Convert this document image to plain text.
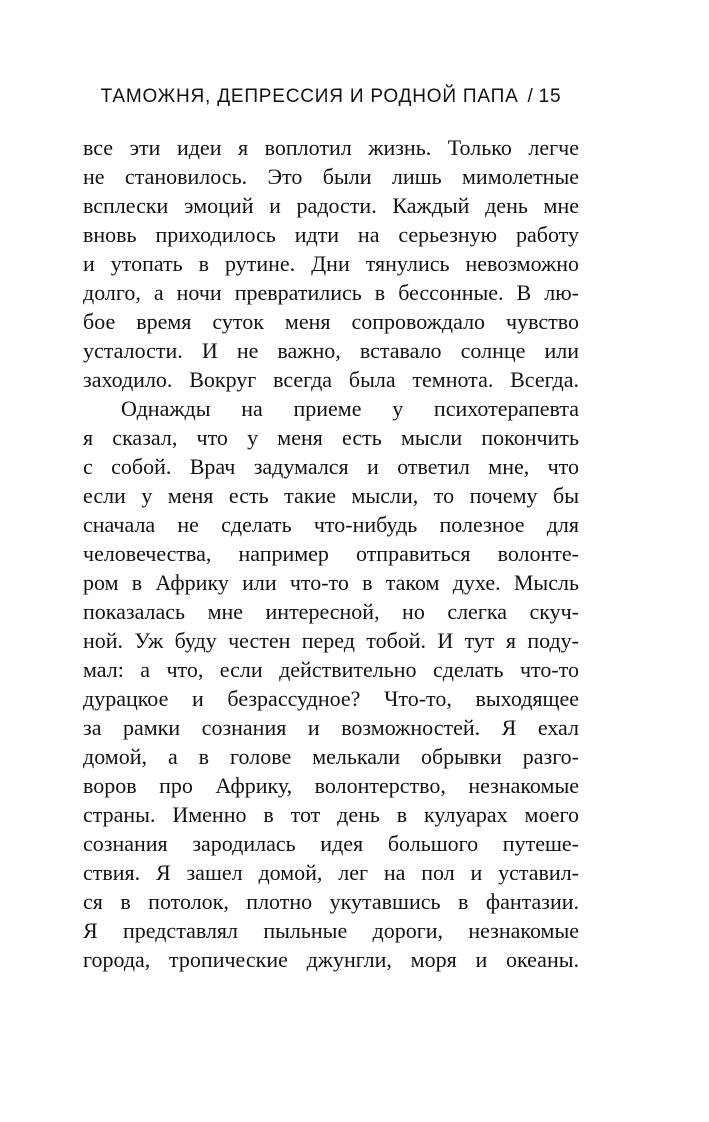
ТАМОЖНЯ, ДЕПРЕССИЯ И РОДНОЙ ПАПА / 15
все эти идеи я воплотил жизнь. Только легче
не становилось. Это были лишь мимолетные
всплески эмоций и радости. Каждый день мне
вновь приходилось идти на серьезную работу
и утопать в рутине. Дни тянулись невозможно
долго, а ночи превратились в бессонные. В лю-
бое время суток меня сопровождало чувство
усталости. И не важно, вставало солнце или
заходило. Вокруг всегда была темнота. Всегда.
Однажды на приеме у психотерапевта
я сказал, что у меня есть мысли покончить
с собой. Врач задумался и ответил мне, что
если у меня есть такие мысли, то почему бы
сначала не сделать что-нибудь полезное для
человечества, например отправиться волонте-
ром в Африку или что-то в таком духе. Мысль
показалась мне интересной, но слегка скуч-
ной. Уж буду честен перед тобой. И тут я поду-
мал: а что, если действительно сделать что-то
дурацкое и безрассудное? Что-то, выходящее
за рамки сознания и возможностей. Я ехал
домой, а в голове мелькали обрывки разго-
воров про Африку, волонтерство, незнакомые
страны. Именно в тот день в кулуарах моего
сознания зародилась идея большого путеше-
ствия. Я зашел домой, лег на пол и уставил-
ся в потолок, плотно укутавшись в фантазии.
Я представлял пыльные дороги, незнакомые
города, тропические джунгли, моря и океаны.
